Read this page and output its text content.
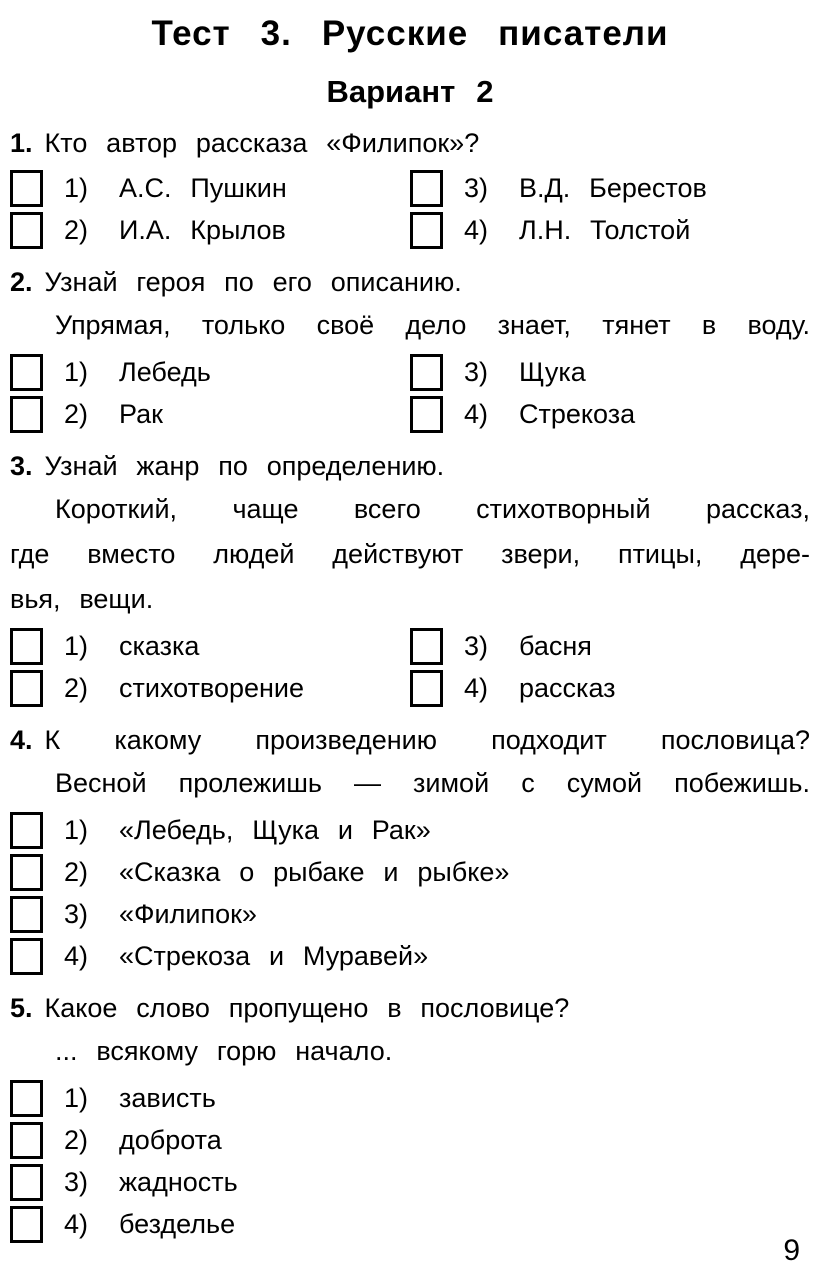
Тест 3. Русские писатели
Вариант 2
1. Кто автор рассказа «Филипок»?
1)	А.С. Пушкин
2)	И.А. Крылов
3)	В.Д. Берестов
4)	Л.Н. Толстой
2. Узнай героя по его описанию.
Упрямая, только своё дело знает, тянет в воду.
1)	Лебедь
2)	Рак
3)	Щука
4)	Стрекоза
3. Узнай жанр по определению.
Короткий, чаще всего стихотворный рассказ,
где вместо людей действуют звери, птицы, дере-
вья, вещи.
1)	сказка
2)	стихотворение
3)	басня
4)	рассказ
4. К какому произведению подходит пословица?
Весной пролежишь — зимой с сумой побежишь.
1)	«Лебедь, Щука и Рак»
2)	«Сказка о рыбаке и рыбке»
3)	«Филипок»
4)	«Стрекоза и Муравей»
5. Какое слово пропущено в пословице?
... всякому горю начало.
1)	зависть
2)	доброта
3)	жадность
4)	безделье
9
